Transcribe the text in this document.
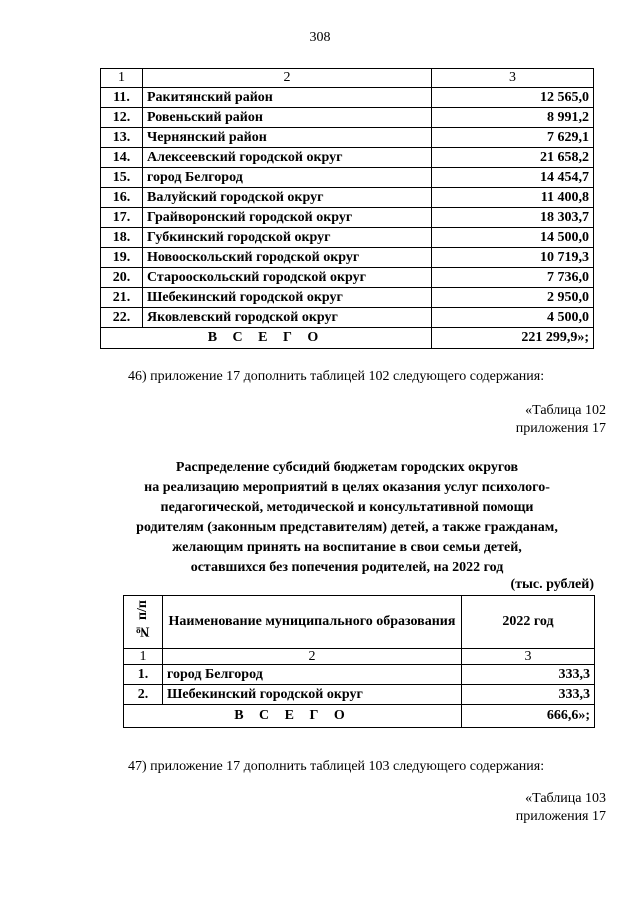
308
1	2	3
11.	Ракитянский район	12 565,0
12.	Ровеньский район	8 991,2
13.	Чернянский район	7 629,1
14.	Алексеевский городской округ	21 658,2
15.	город Белгород	14 454,7
16.	Валуйский городской округ	11 400,8
17.	Грайворонский городской округ	18 303,7
18.	Губкинский городской округ	14 500,0
19.	Новооскольский городской округ	10 719,3
20.	Старооскольский городской округ	7 736,0
21.	Шебекинский городской округ	2 950,0
22.	Яковлевский городской округ	4 500,0
В С Е Г О		221 299,9»;
46) приложение 17 дополнить таблицей 102 следующего содержания:
«Таблица 102
приложения 17
Распределение субсидий бюджетам городских округов
на реализацию мероприятий в целях оказания услуг психолого-
педагогической, методической и консультативной помощи
родителям (законным представителям) детей, а также гражданам,
желающим принять на воспитание в свои семьи детей,
оставшихся без попечения родителей, на 2022 год
(тыс. рублей)
№ п/п	Наименование муниципального образования	2022 год
1	2	3
1.	город Белгород	333,3
2.	Шебекинский городской округ	333,3
В С Е Г О		666,6»;
47) приложение 17 дополнить таблицей 103 следующего содержания:
«Таблица 103
приложения 17
